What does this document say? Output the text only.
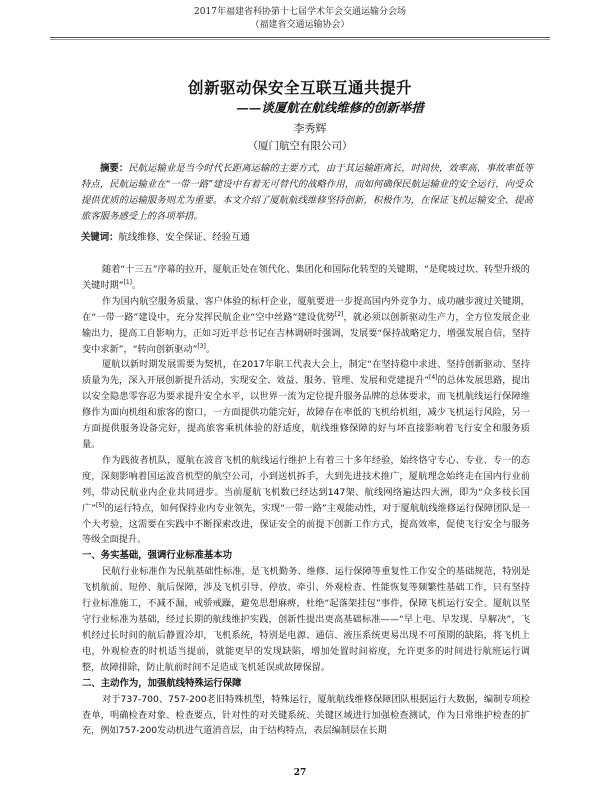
2017年福建省科协第十七届学术年会交通运输分会场
（福建省交通运输协会）
创新驱动保安全互联互通共提升
——谈厦航在航线维修的创新举措
李秀辉
（厦门航空有限公司）

摘要：民航运输业是当今时代长距离运输的主要方式，由于其运输距离长，时间快，效率高、事故率低等特点，民航运输业在“一带一路”建设中有着无可替代的战略作用，而如何确保民航运输业的安全运行，向受众提供优质的运输服务则尤为重要。本文介绍了厦航航线维修坚持创新，积极作为，在保证飞机运输安全、提高旅客服务感受上的各项举措。

关键词：航线维修、安全保证、经验互通

随着“十三五”序幕的拉开，厦航正处在领代化、集团化和国际化转型的关键期，“是爬坡过坎、转型升级的关键时期”[1]。

作为国内航空服务质量、客户体验的标杆企业，厦航要进一步提高国内外竞争力、成功融步渡过关键期，在“一带一路”建设中，充分发挥民航企业“空中丝路”建设优势[2]，就必须以创新驱动生产力，全方位发展企业输出力，提高工自影响力，正如习近平总书记在吉林调研时强调，发展要“保持战略定力，增强发展自信，坚持变中求新”，“转向创新驱动”[3]。

厦航以新时期发展需要为契机，在2017年职工代表大会上，制定“在坚持稳中求进、坚持创新驱动、坚持质量为先，深入开展创新提升活动，实现安全、效益、服务、管理、发展和党建提升”[4]的总体发展思路，提出以安全隐患零容忍为要求提升安全水平，以世界一流为定位提升服务品牌的总体要求，而飞机航线运行保障维修作为面向机组和旅客的窗口，一方面提供功能完好，故障存在率低的飞机给机组，减少飞机运行风险，另一方面提供服务设备完好，提高旅客乘机体验的舒适度，航线维修保障的好与坏直接影响着飞行安全和服务质量。

作为践彼者机队，厦航在波音飞机的航线运行维护上有着三十多年经验，始终恪守专心、专业、专一的态度，深刻影响着国运波音机型的航空公司，小到送机拆手，大到先进技术推广，厦航理念始终走在国内行业前列，带动民航业内企业共同进步。当前厦航飞机数已经达到147架、航线网络遍达四大洲，即为“众多枝长国广”[5]的运行特点，如何保持业内专业领先，实现“一带一路”主观能动性，对于厦航航线维修运行保障团队是一个大考验，这需要在实践中不断探索改进，保证安全的前提下创新工作方式，提高效率，促使飞行安全与服务等级全面提升。

一、务实基础，强调行业标准基本功

民航行业标准作为民航基础性标准，是飞机勤务、维修、运行保障等重复性工作安全的基础规范，特别是飞机航前、短停、航后保障，涉及飞机引导、停放、牵引、外观检查、性能恢复等频繁性基础工作，只有坚持行业标准施工，不减不漏，戒骄戒躁，避免思想麻痹，杜绝“起落架挂包”事件，保障飞机运行安全。厦航以坚守行业标准为基础，经过长期的航线维护实践，创新性提出更高基础标准——“早上电、早发现、早解决”，飞机经过长时间的航后静置冷却，飞机系统，特别是电源、通信、液压系统更易出现不可预期的缺陷，将飞机上电，外观检查的时机适当提前，就能更早的发现缺陷，增加处置时间裕度，允许更多的时间进行航班运行调整，故障排除，防止航前时间不足造成飞机延误或故障保留。

二、主动作为，加强航线特殊运行保障

对于737-700、757-200老旧特殊机型，特殊运行，厦航航线维修保障团队根据运行大数据，编制专项检查单，明确检查对象、检查要点，针对性的对关键系统、关键区域进行加强检查测试，作为日常维护检查的扩充，例如757-200发动机进气道消音层，由于结构特点，表层编制层在长期

27
